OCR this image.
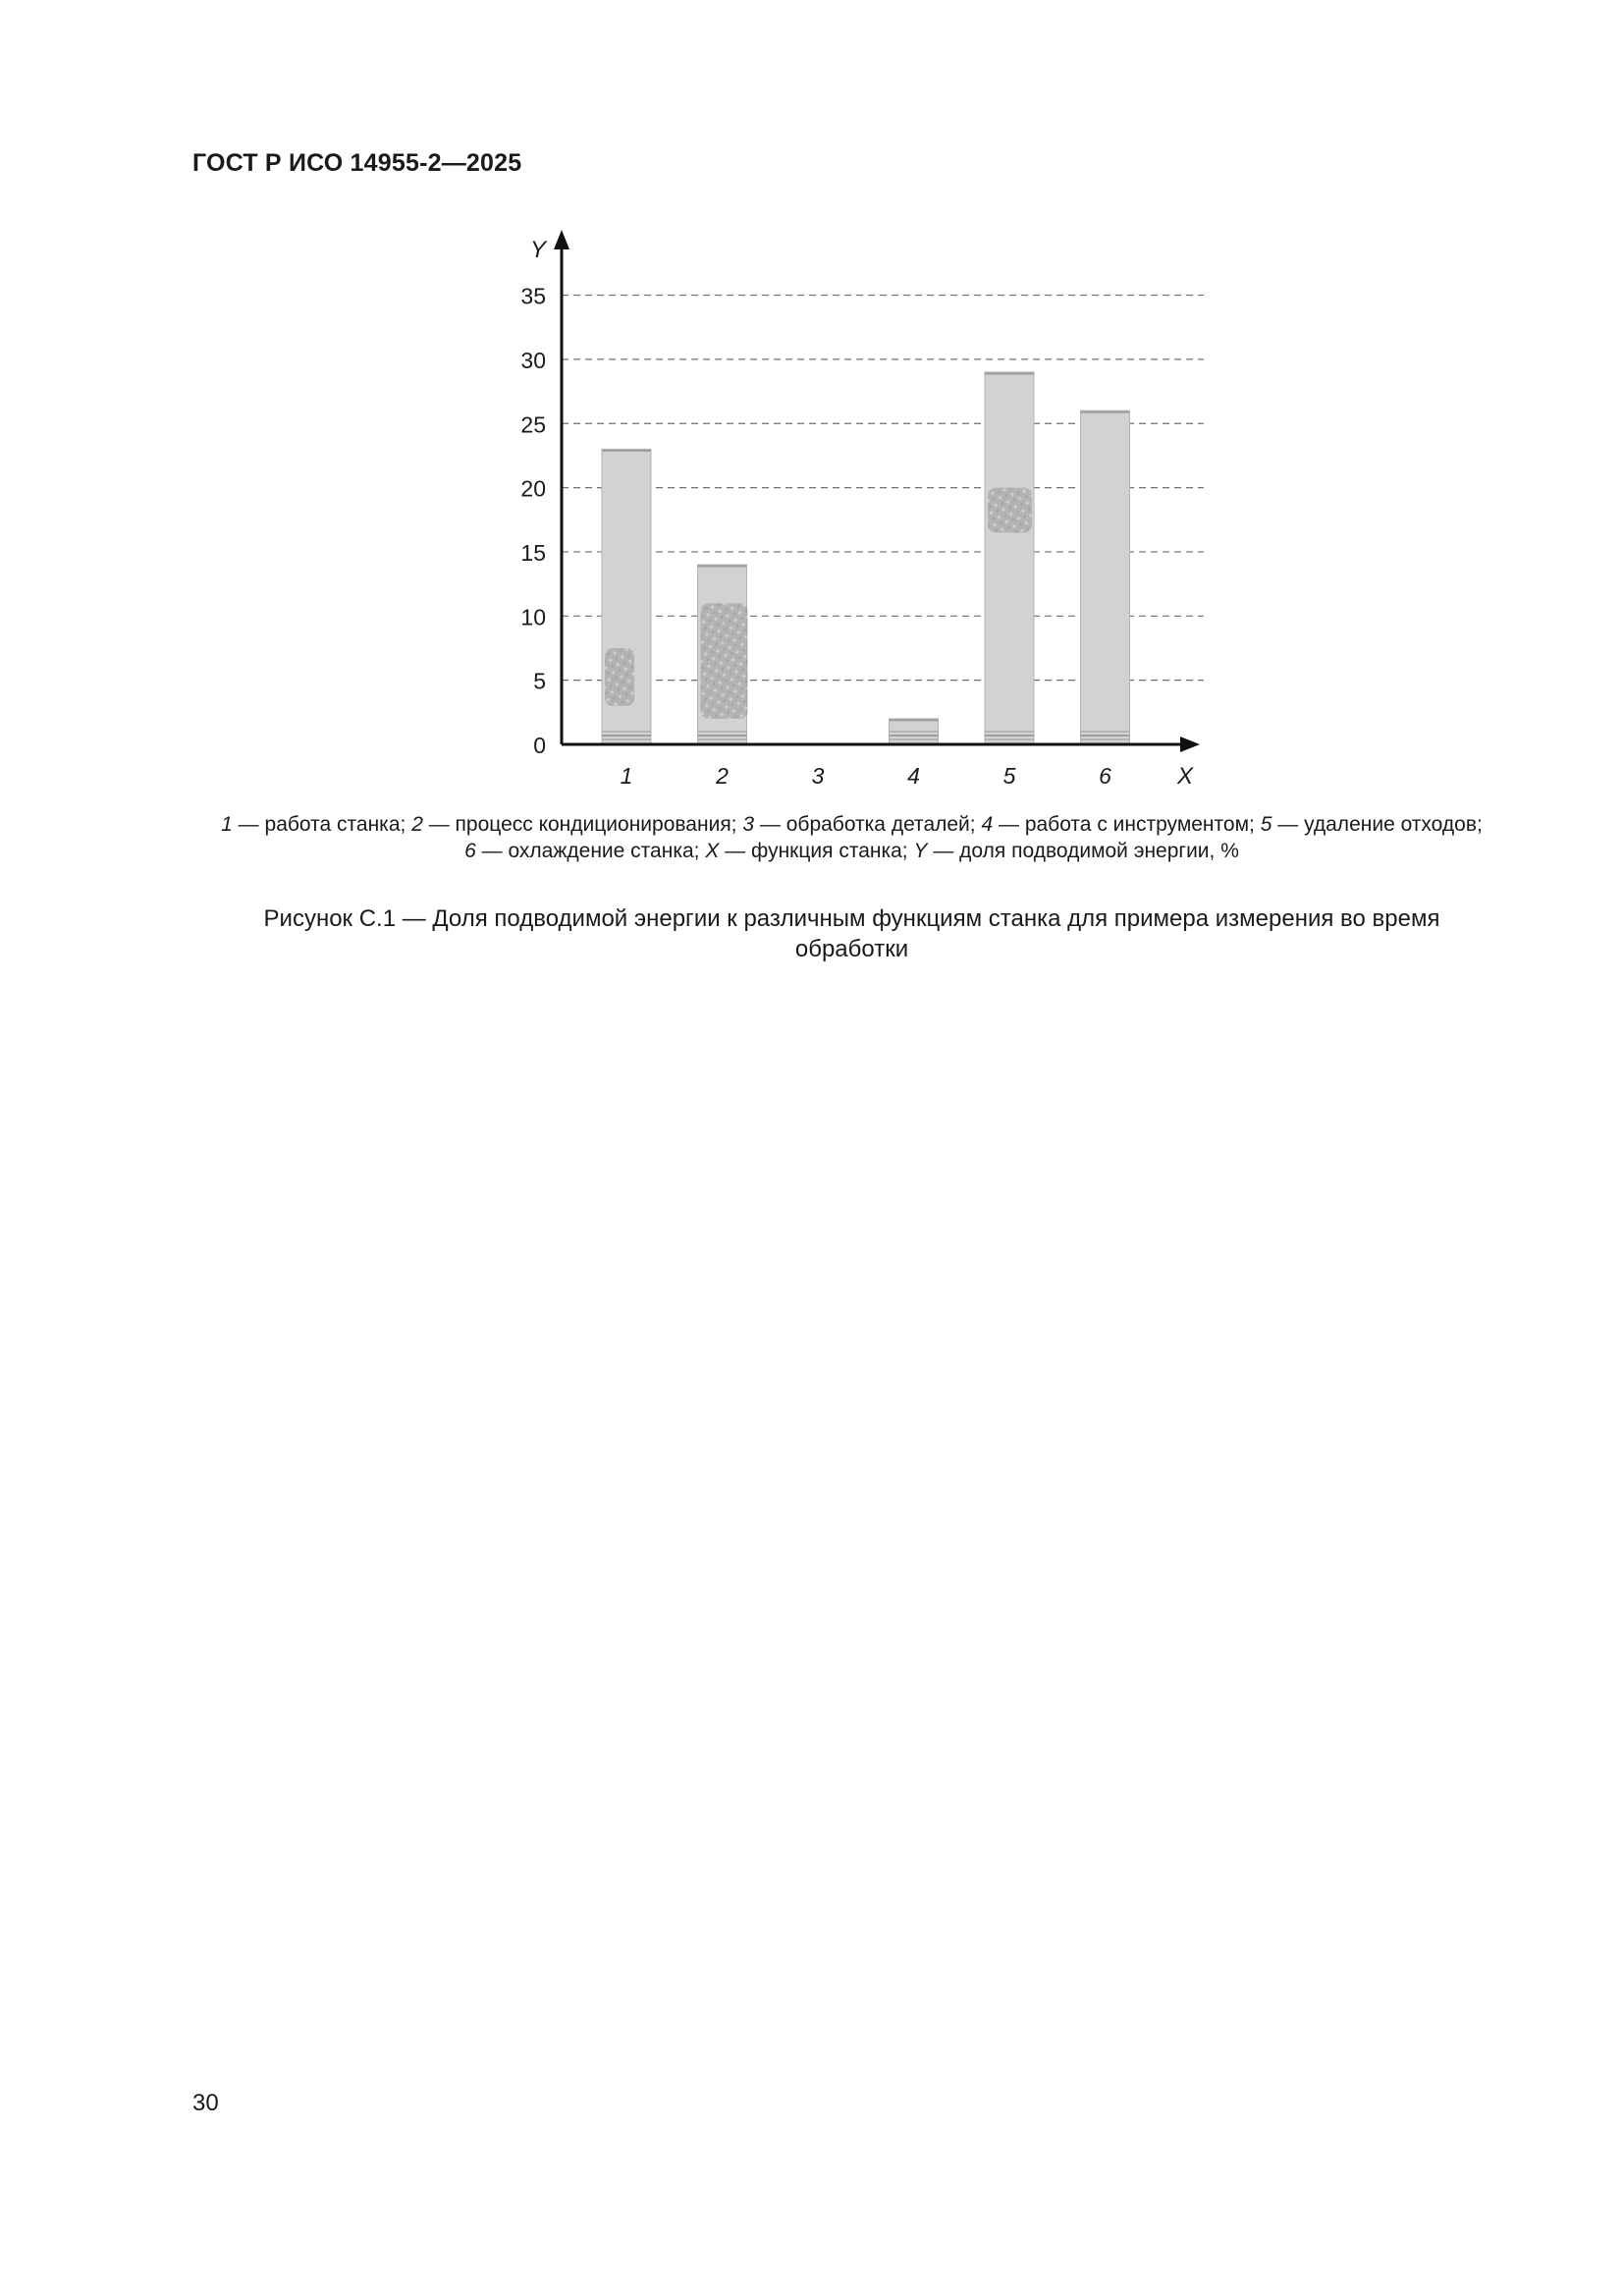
ГОСТ Р ИСО 14955-2—2025
0
5
10
15
20
25
30
35
1	2	3	4	5	6	X
Y
1 — работа станка; 2 — процесс кондиционирования; 3 — обработка деталей; 4 — работа с инструментом; 5 — удаление отходов; 6 — охлаждение станка; X — функция станка; Y — доля подводимой энергии, %
Рисунок С.1 — Доля подводимой энергии к различным функциям станка для примера измерения во время обработки
30
